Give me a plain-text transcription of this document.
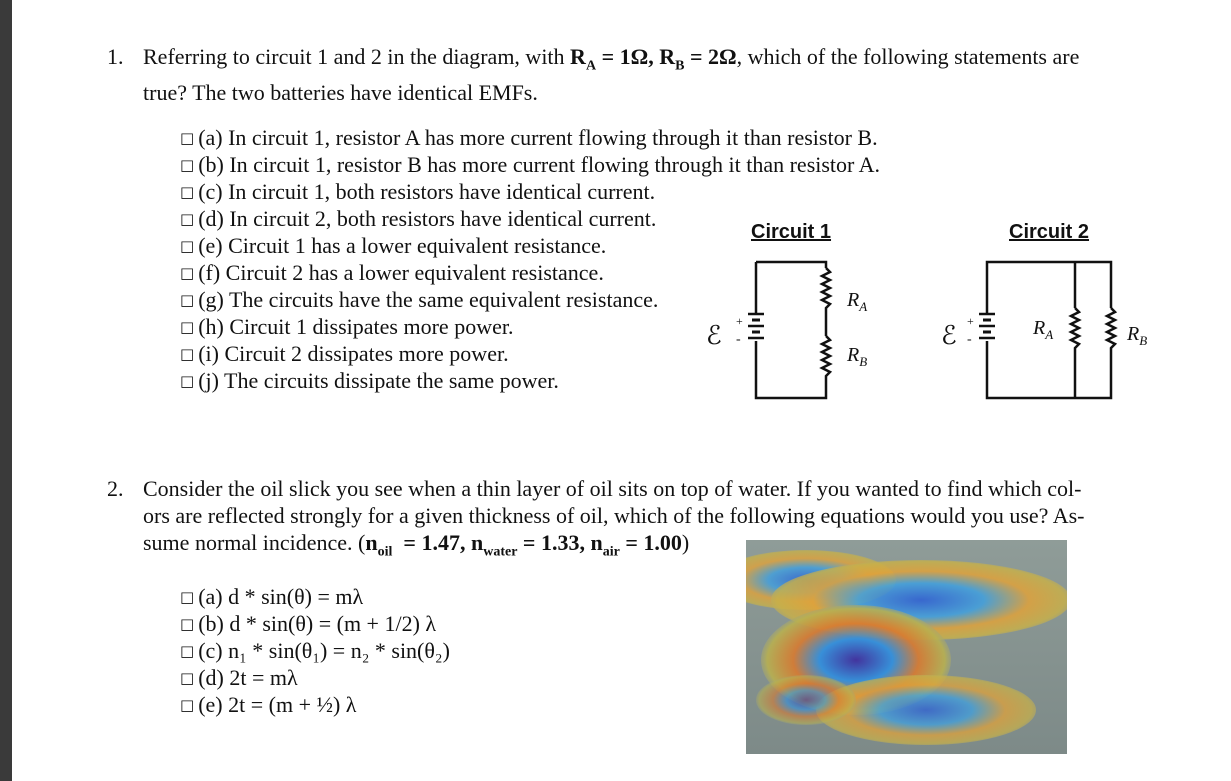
1. Referring to circuit 1 and 2 in the diagram, with $R_A = 1\Omega$, $R_B = 2\Omega$, which of the following statements are
true? The two batteries have identical EMFs.
□ (a) In circuit 1, resistor A has more current flowing through it than resistor B.
□ (b) In circuit 1, resistor B has more current flowing through it than resistor A.
□ (c) In circuit 1, both resistors have identical current.
□ (d) In circuit 2, both resistors have identical current.
□ (e) Circuit 1 has a lower equivalent resistance.
□ (f) Circuit 2 has a lower equivalent resistance.
□ (g) The circuits have the same equivalent resistance.
□ (h) Circuit 1 dissipates more power.
□ (i) Circuit 2 dissipates more power.
□ (j) The circuits dissipate the same power.
Circuit 1	Circuit 2
ℰ +
-
$R_A$
$R_B$
ℰ +
-
$R_A$	$R_B$
2. Consider the oil slick you see when a thin layer of oil sits on top of water. If you wanted to find which col-
ors are reflected strongly for a given thickness of oil, which of the following equations would you use? As-
sume normal incidence. ($n_{oil} = 1.47$, $n_{water} = 1.33$, $n_{air} = 1.00$)
□ (a) d * sin(θ) = mλ
□ (b) d * sin(θ) = (m + 1/2) λ
□ (c) n₁ * sin(θ₁) = n₂ * sin(θ₂)
□ (d) 2t = mλ
□ (e) 2t = (m + ½) λ
